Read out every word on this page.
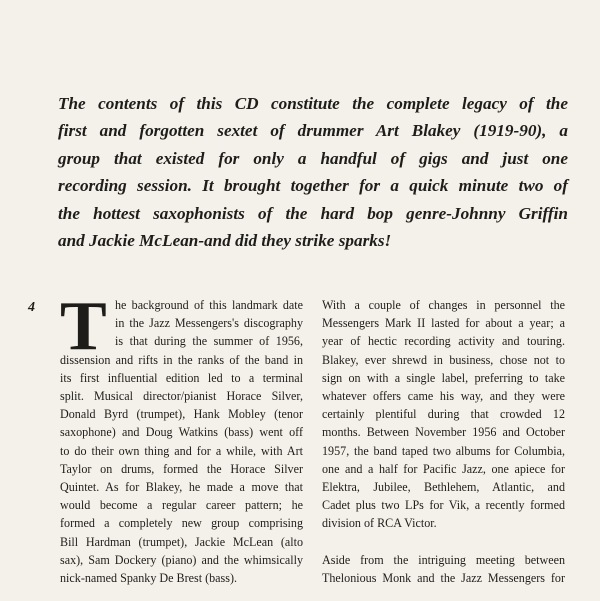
The contents of this CD constitute the complete legacy of the
first and forgotten sextet of drummer Art Blakey (1919-90), a
group that existed for only a handful of gigs and just one
recording session. It brought together for a quick minute two of
the hottest saxophonists of the hard bop genre-Johnny Griffin
and Jackie McLean-and did they strike sparks!
4 T he background of this landmark date
in the Jazz Messengers's discography
is that during the summer of 1956,
dissension and rifts in the ranks of the band in
its first influential edition led to a terminal
split. Musical director/pianist Horace Silver,
Donald Byrd (trumpet), Hank Mobley (tenor
saxophone) and Doug Watkins (bass) went off
to do their own thing and for a while, with Art
Taylor on drums, formed the Horace Silver
Quintet. As for Blakey, he made a move that
would become a regular career pattern; he
formed a completely new group comprising
Bill Hardman (trumpet), Jackie McLean (alto
sax), Sam Dockery (piano) and the whimsically
nick-named Spanky De Brest (bass).
With a couple of changes in personnel the
Messengers Mark II lasted for about a year; a
year of hectic recording activity and touring.
Blakey, ever shrewd in business, chose not to
sign on with a single label, preferring to take
whatever offers came his way, and they were
certainly plentiful during that crowded 12
months. Between November 1956 and October
1957, the band taped two albums for Columbia,
one and a half for Pacific Jazz, one apiece for
Elektra, Jubilee, Bethlehem, Atlantic, and
Cadet plus two LPs for Vik, a recently formed
division of RCA Victor.
Aside from the intriguing meeting between
Thelonious Monk and the Jazz Messengers for
